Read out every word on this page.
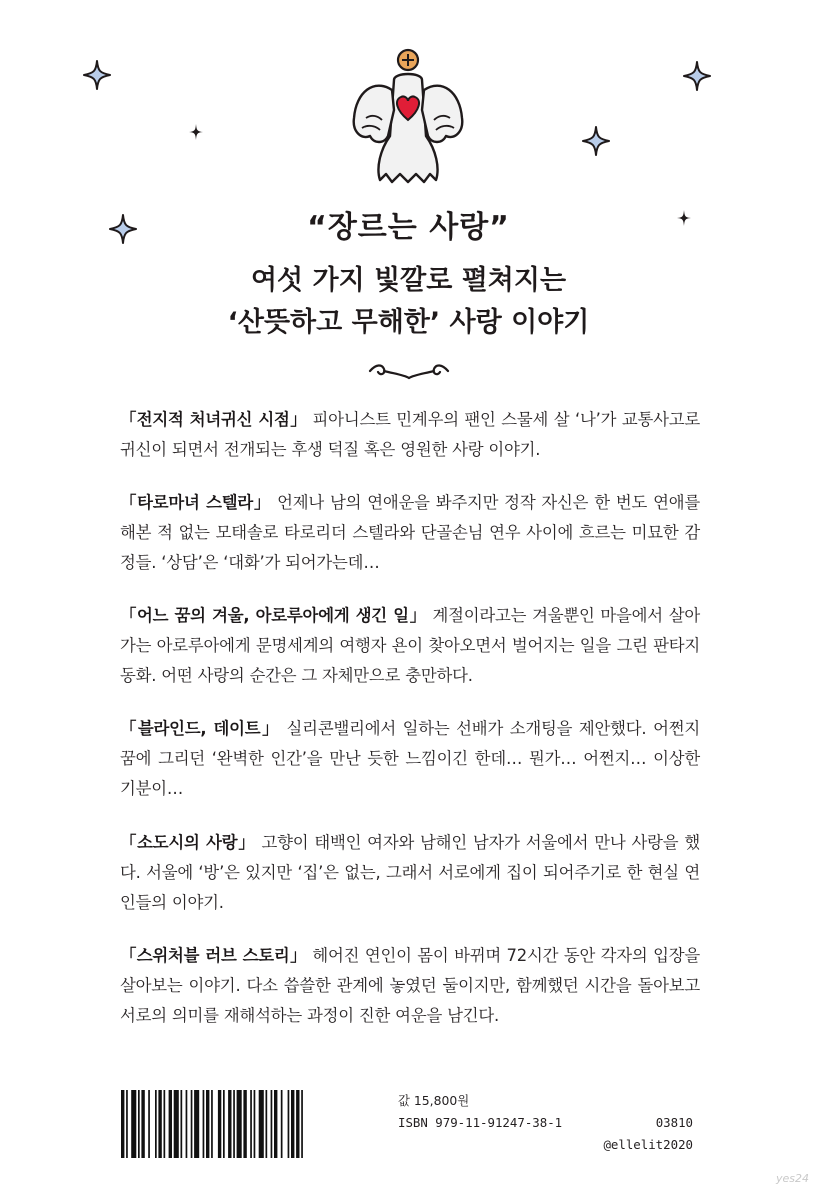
“장르는 사랑”
여섯 가지 빛깔로 펼쳐지는
‘산뜻하고 무해한’ 사랑 이야기
「전지적 처녀귀신 시점」 피아니스트 민계우의 팬인 스물세 살 ‘나’가 교통사고로 귀신이 되면서 전개되는 후생 덕질 혹은 영원한 사랑 이야기.
「타로마녀 스텔라」 언제나 남의 연애운을 봐주지만 정작 자신은 한 번도 연애를 해본 적 없는 모태솔로 타로리더 스텔라와 단골손님 연우 사이에 흐르는 미묘한 감정들. ‘상담’은 ‘대화’가 되어가는데…
「어느 꿈의 겨울, 아로루아에게 생긴 일」 계절이라고는 겨울뿐인 마을에서 살아가는 아로루아에게 문명세계의 여행자 욘이 찾아오면서 벌어지는 일을 그린 판타지 동화. 어떤 사랑의 순간은 그 자체만으로 충만하다.
「블라인드, 데이트」 실리콘밸리에서 일하는 선배가 소개팅을 제안했다. 어쩐지 꿈에 그리던 ‘완벽한 인간’을 만난 듯한 느낌이긴 한데… 뭔가… 어쩐지… 이상한 기분이…
「소도시의 사랑」 고향이 태백인 여자와 남해인 남자가 서울에서 만나 사랑을 했다. 서울에 ‘방’은 있지만 ‘집’은 없는, 그래서 서로에게 집이 되어주기로 한 현실 연인들의 이야기.
「스위처블 러브 스토리」 헤어진 연인이 몸이 바뀌며 72시간 동안 각자의 입장을 살아보는 이야기. 다소 씁쓸한 관계에 놓였던 둘이지만, 함께했던 시간을 돌아보고 서로의 의미를 재해석하는 과정이 진한 여운을 남긴다.
값 15,800원
ISBN 979-11-91247-38-1	03810
@ellelit2020
yes24
